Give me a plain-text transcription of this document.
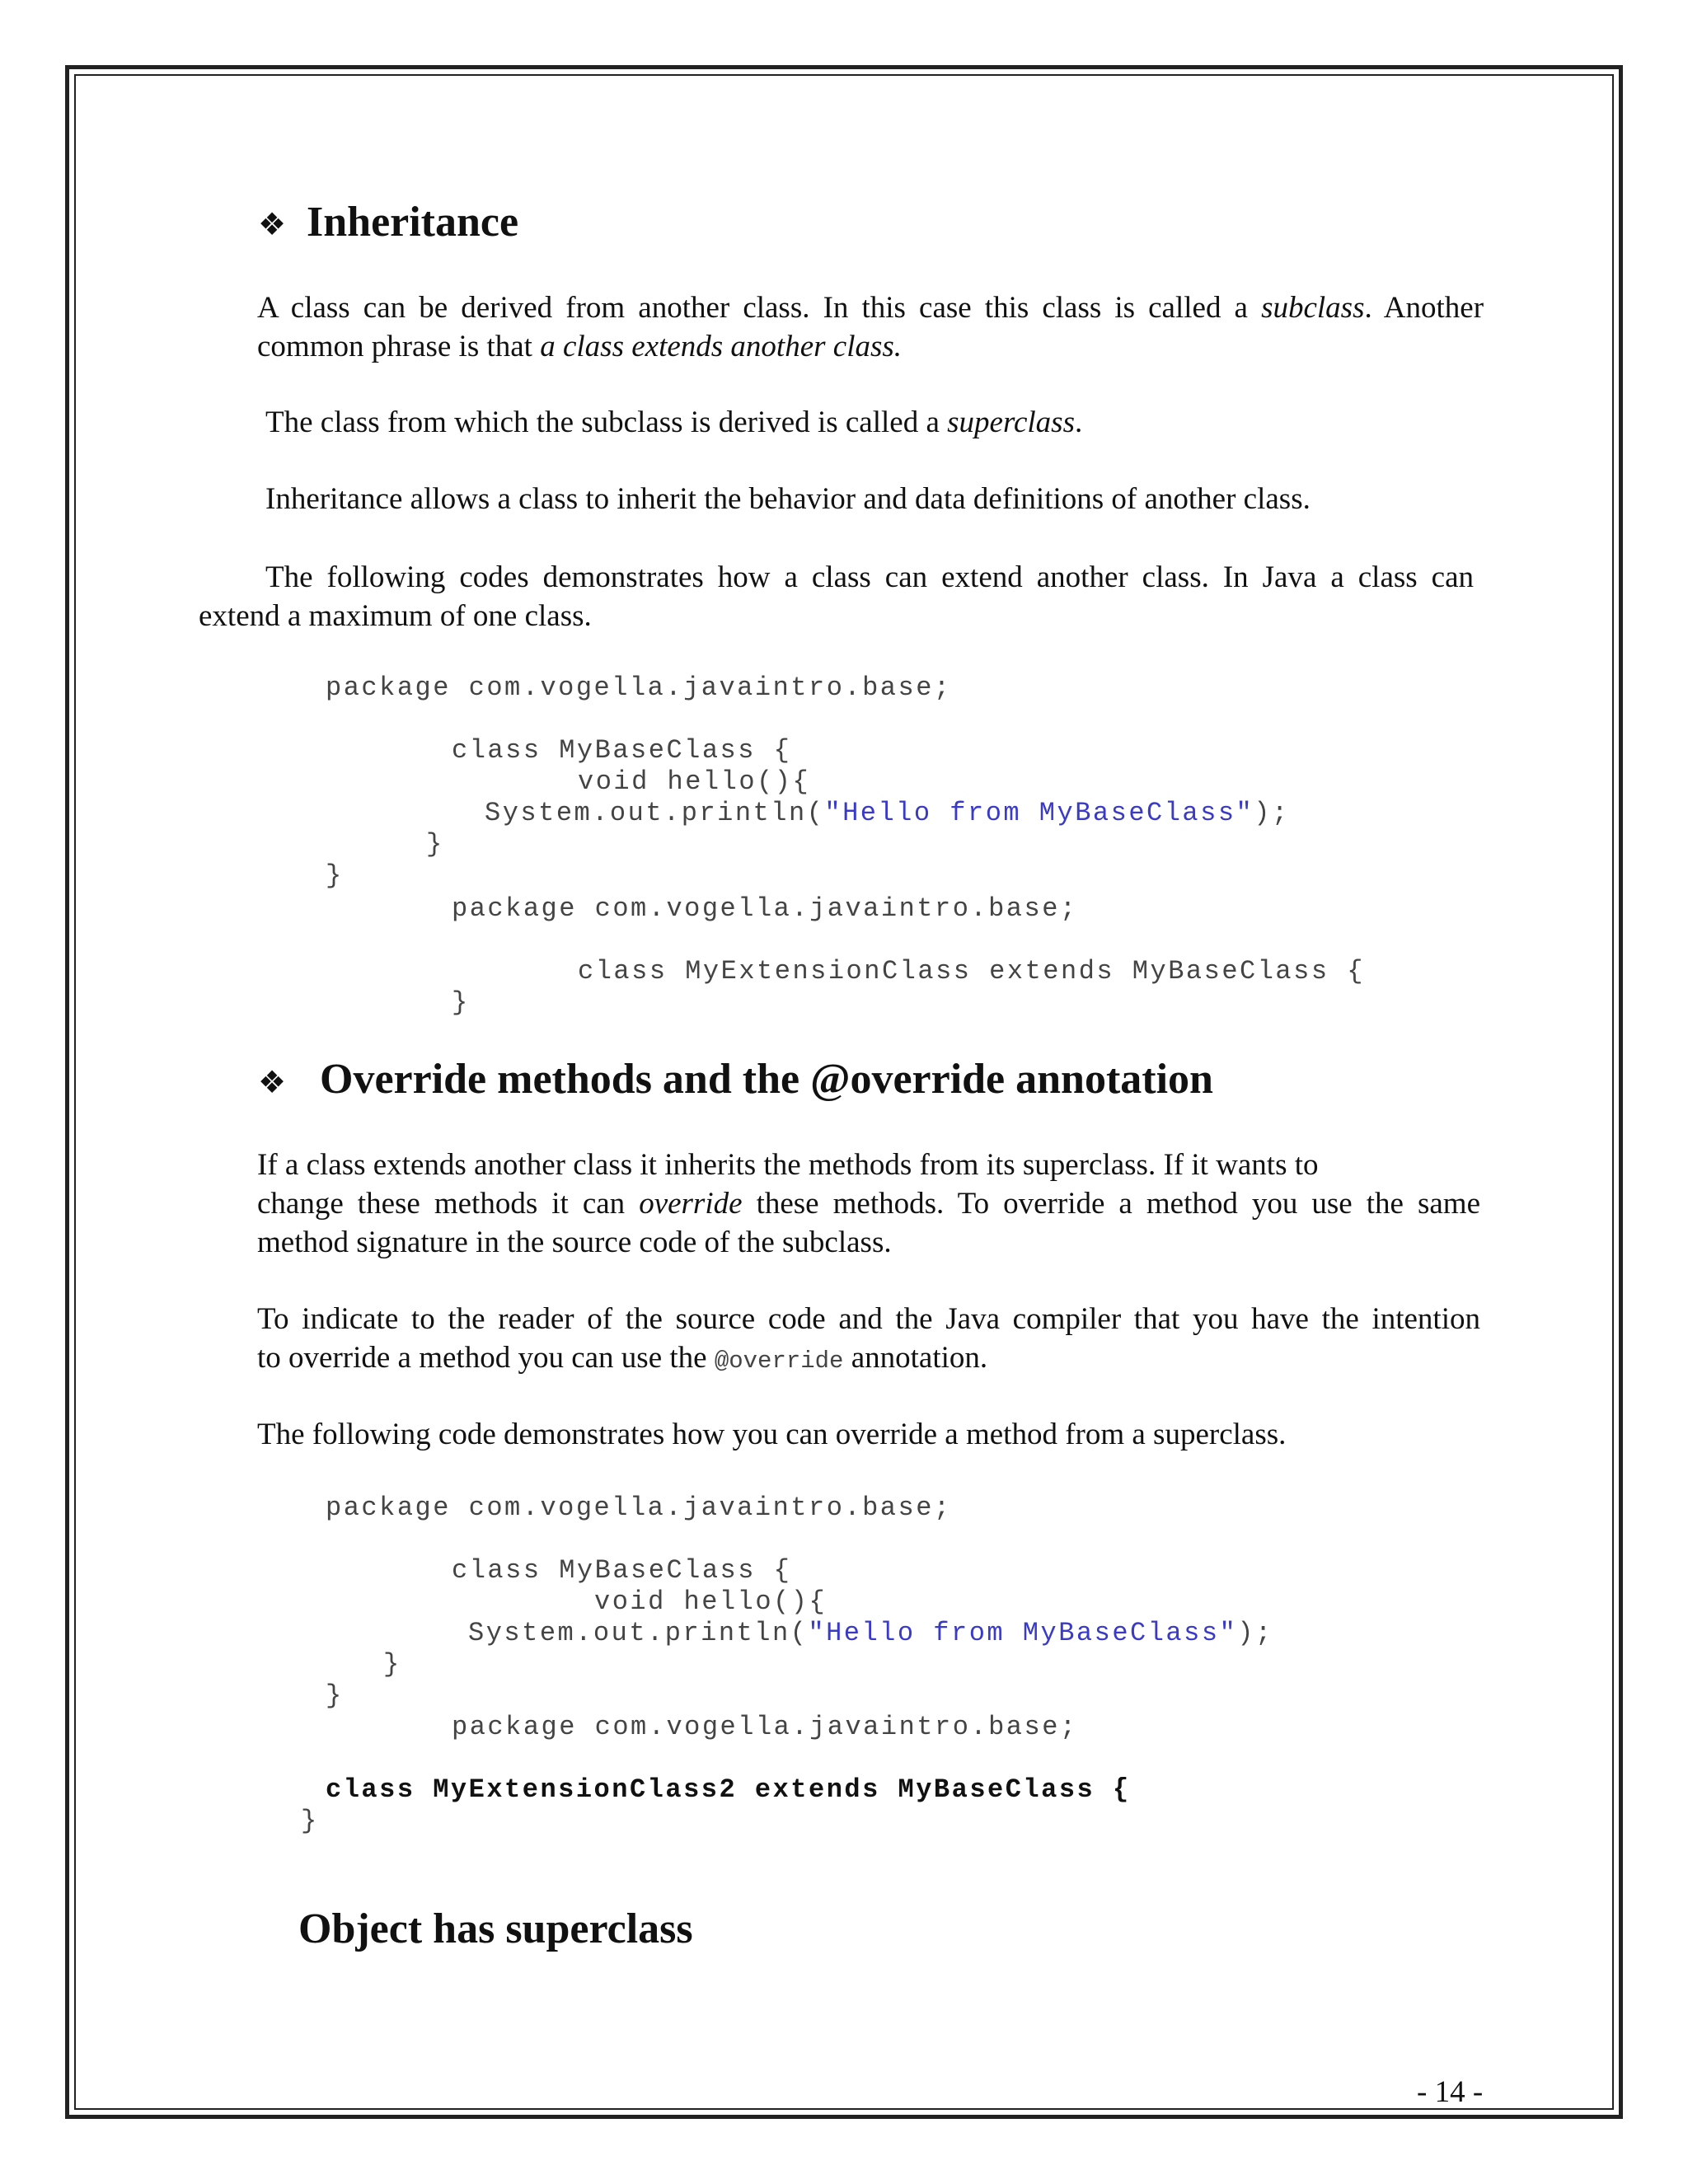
❖ Inheritance
A class can be derived from another class. In this case this class is called a subclass. Another
common phrase is that a class extends another class.
The class from which the subclass is derived is called a superclass.
Inheritance allows a class to inherit the behavior and data definitions of another class.
The following codes demonstrates how a class can extend another class. In Java a class can
extend a maximum of one class.
package com.vogella.javaintro.base;
class MyBaseClass {
void hello(){
System.out.println("Hello from MyBaseClass");
}
}
package com.vogella.javaintro.base;
class MyExtensionClass extends MyBaseClass {
}
❖ Override methods and the @override annotation
If a class extends another class it inherits the methods from its superclass. If it wants to
change these methods it can override these methods. To override a method you use the same
method signature in the source code of the subclass.
To indicate to the reader of the source code and the Java compiler that you have the intention
to override a method you can use the @override annotation.
The following code demonstrates how you can override a method from a superclass.
package com.vogella.javaintro.base;
class MyBaseClass {
void hello(){
System.out.println("Hello from MyBaseClass");
}
}
package com.vogella.javaintro.base;
class MyExtensionClass2 extends MyBaseClass {
}
Object has superclass
- 14 -
